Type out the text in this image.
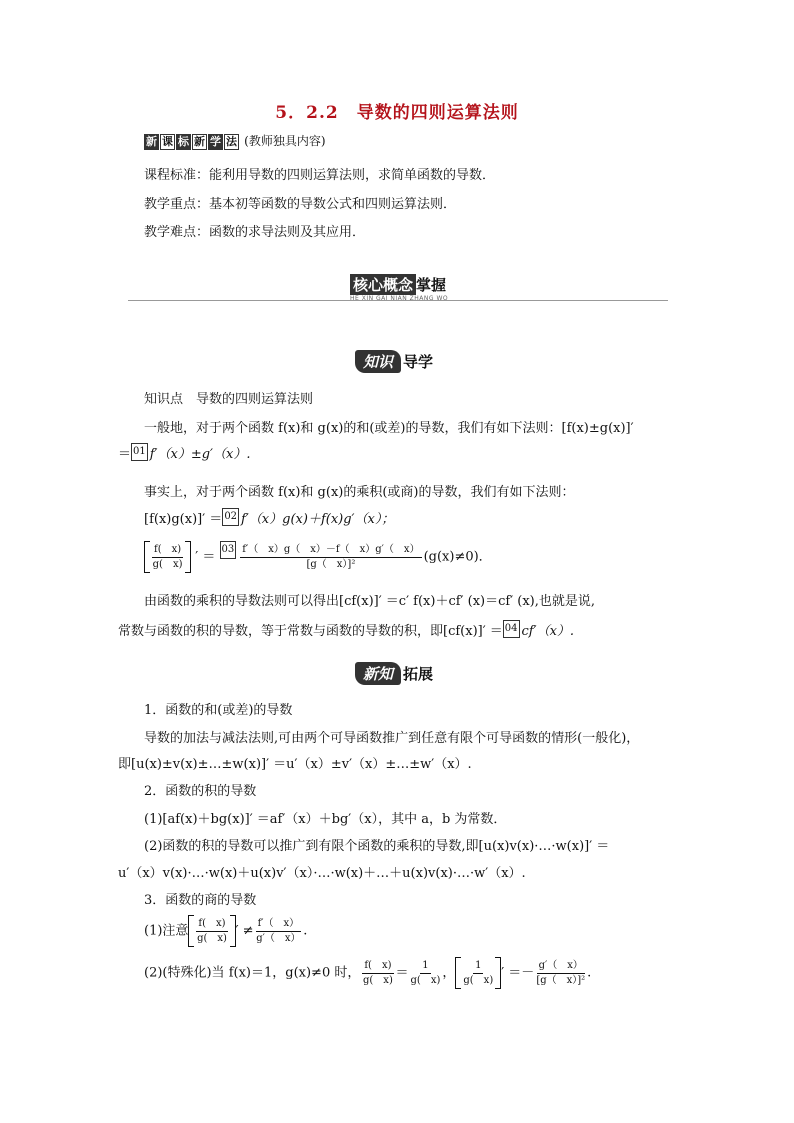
5．2.2　导数的四则运算法则
新 课 标 新 学 法 (教师独具内容)
课程标准：能利用导数的四则运算法则，求简单函数的导数．
教学重点：基本初等函数的导数公式和四则运算法则．
教学难点：函数的求导法则及其应用．
核心概念 掌握
HE XIN GAI NIAN ZHANG WO
知识 导学
知识点　导数的四则运算法则
一般地，对于两个函数 f(x)和 g(x)的和(或差)的导数，我们有如下法则：[f(x)±g(x)]′
＝ 01 f′（x）±g′（x）.
事实上，对于两个函数 f(x)和 g(x)的乘积(或商)的导数，我们有如下法则：
[f(x)g(x)]′ ＝ 02 f′（x）g(x)＋f(x)g′（x）；
$\frac{f( x)}{g( x)}$ ′ ＝ $03 \frac{f'( x)g( x)-f( x)g'( x)}{\text{[g（　x）]²}} (g(x)\ne 0)$．
由函数的乘积的导数法则可以得出[cf(x)]′ ＝c′ f(x)＋cf′ (x)＝cf′ (x),也就是说,
常数与函数的积的导数，等于常数与函数的导数的积，即[cf(x)]′ ＝ 04 cf′（x）.
新知 拓展
1．函数的和(或差)的导数
导数的加法与减法法则,可由两个可导函数推广到任意有限个可导函数的情形(一般化)，
即[u(x)±v(x)±…±w(x)]′ ＝u′（x）±v′（x）±…±w′（x）.
2．函数的积的导数
(1)[af(x)＋bg(x)]′ ＝af′（x）＋bg′（x），其中 a，b 为常数．
(2)函数的积的导数可以推广到有限个函数的乘积的导数,即[u(x)v(x)·…·w(x)]′ ＝
u′（x）v(x)·…·w(x)＋u(x)v′（x）·…·w(x)＋…＋u(x)v(x)·…·w′（x）.
3．函数的商的导数
(1)注意 $\frac{f( x)}{g( x)}$ ′ ≠ $\frac{f'( x)}{g'( x)}$ .
(2)(特殊化)当 f(x)＝1，g(x)≠0 时， $\frac{f( x)}{g( x)} = \frac{1}{g( x)}$ ， $\frac{1}{g( x)}$ ′ ＝－ $\frac{g'( x)}{\text{[g（　x）]²}}$ .
